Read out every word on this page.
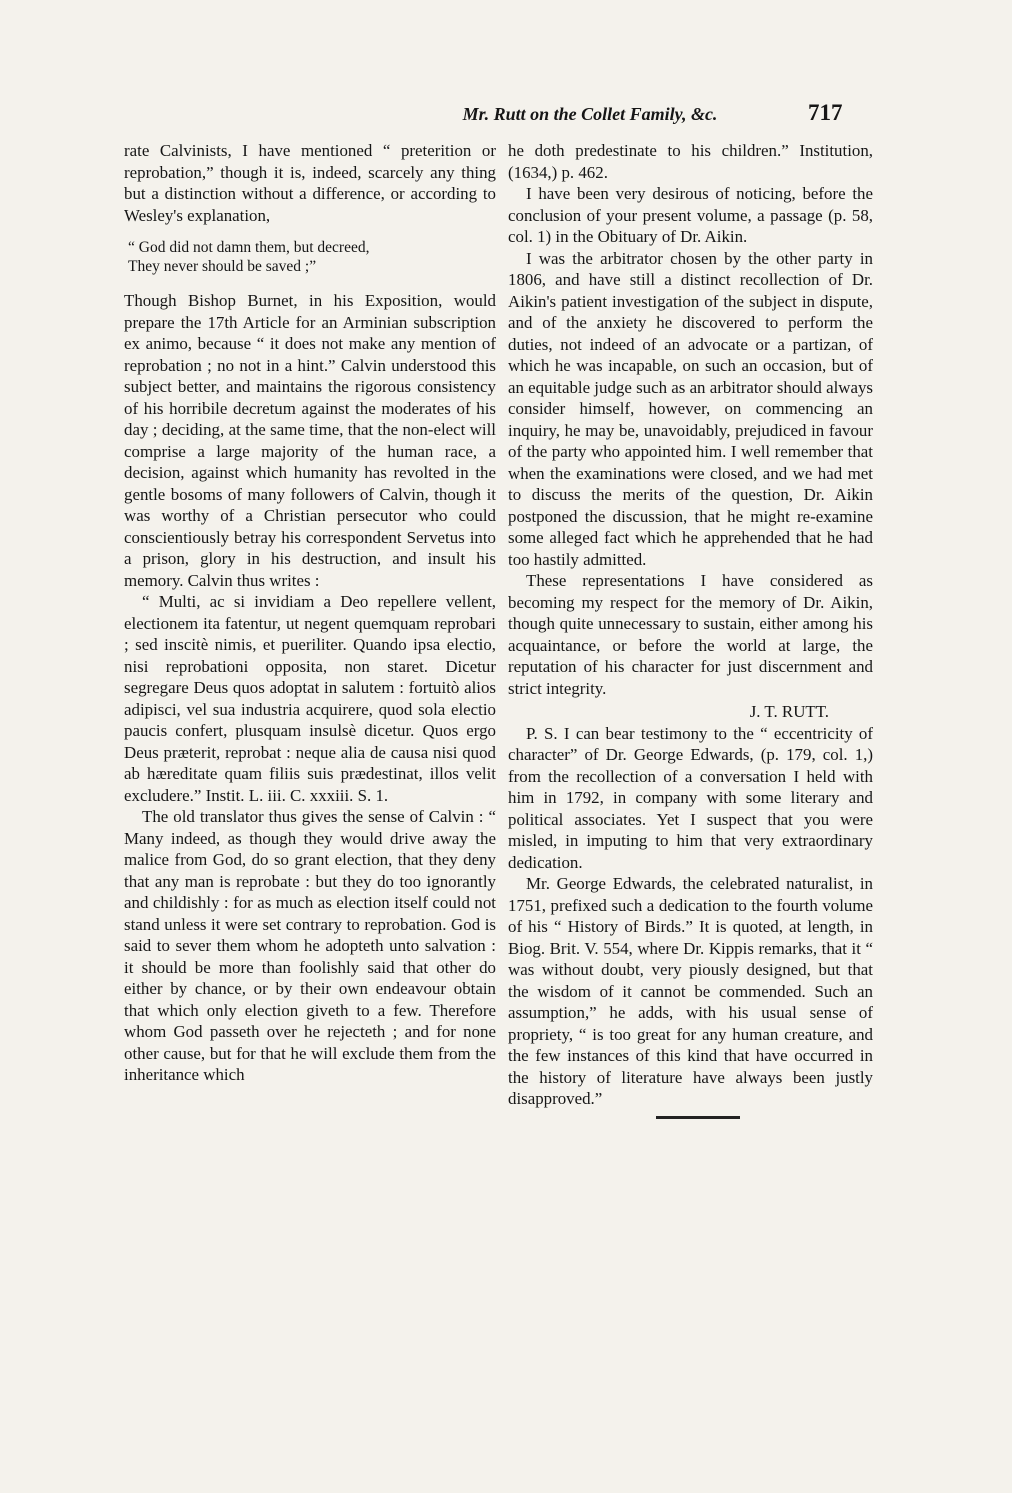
Mr. Rutt on the Collet Family, &c.	717

rate Calvinists, I have mentioned “ preterition or reprobation,” though it is, indeed, scarcely any thing but a distinction without a difference, or according to Wesley's explanation,

“ God did not damn them, but decreed,
They never should be saved ;”

Though Bishop Burnet, in his Exposition, would prepare the 17th Article for an Arminian subscription ex animo, because “ it does not make any mention of reprobation ; no not in a hint.” Calvin understood this subject better, and maintains the rigorous consistency of his horribile decretum against the moderates of his day ; deciding, at the same time, that the non-elect will comprise a large majority of the human race, a decision, against which humanity has revolted in the gentle bosoms of many followers of Calvin, though it was worthy of a Christian persecutor who could conscientiously betray his correspondent Servetus into a prison, glory in his destruction, and insult his memory. Calvin thus writes :

“ Multi, ac si invidiam a Deo repellere vellent, electionem ita fatentur, ut negent quemquam reprobari ; sed inscitè nimis, et pueriliter. Quando ipsa electio, nisi reprobationi opposita, non staret. Dicetur segregare Deus quos adoptat in salutem : fortuitò alios adipisci, vel sua industria acquirere, quod sola electio paucis confert, plusquam insulsè dicetur. Quos ergo Deus præterit, reprobat : neque alia de causa nisi quod ab hæreditate quam filiis suis prædestinat, illos velit excludere.” Instit. L. iii. C. xxxiii. S. 1.

The old translator thus gives the sense of Calvin : “ Many indeed, as though they would drive away the malice from God, do so grant election, that they deny that any man is reprobate : but they do too ignorantly and childishly : for as much as election itself could not stand unless it were set contrary to reprobation. God is said to sever them whom he adopteth unto salvation : it should be more than foolishly said that other do either by chance, or by their own endeavour obtain that which only election giveth to a few. Therefore whom God passeth over he rejecteth ; and for none other cause, but for that he will exclude them from the inheritance which

he doth predestinate to his children.” Institution, (1634,) p. 462.

I have been very desirous of noticing, before the conclusion of your present volume, a passage (p. 58, col. 1) in the Obituary of Dr. Aikin.

I was the arbitrator chosen by the other party in 1806, and have still a distinct recollection of Dr. Aikin's patient investigation of the subject in dispute, and of the anxiety he discovered to perform the duties, not indeed of an advocate or a partizan, of which he was incapable, on such an occasion, but of an equitable judge such as an arbitrator should always consider himself, however, on commencing an inquiry, he may be, unavoidably, prejudiced in favour of the party who appointed him. I well remember that when the examinations were closed, and we had met to discuss the merits of the question, Dr. Aikin postponed the discussion, that he might re-examine some alleged fact which he apprehended that he had too hastily admitted.

These representations I have considered as becoming my respect for the memory of Dr. Aikin, though quite unnecessary to sustain, either among his acquaintance, or before the world at large, the reputation of his character for just discernment and strict integrity.

J. T. RUTT.

P. S. I can bear testimony to the “ eccentricity of character” of Dr. George Edwards, (p. 179, col. 1,) from the recollection of a conversation I held with him in 1792, in company with some literary and political associates. Yet I suspect that you were misled, in imputing to him that very extraordinary dedication.

Mr. George Edwards, the celebrated naturalist, in 1751, prefixed such a dedication to the fourth volume of his “ History of Birds.” It is quoted, at length, in Biog. Brit. V. 554, where Dr. Kippis remarks, that it “ was without doubt, very piously designed, but that the wisdom of it cannot be commended. Such an assumption,” he adds, with his usual sense of propriety, “ is too great for any human creature, and the few instances of this kind that have occurred in the history of literature have always been justly disapproved.”
